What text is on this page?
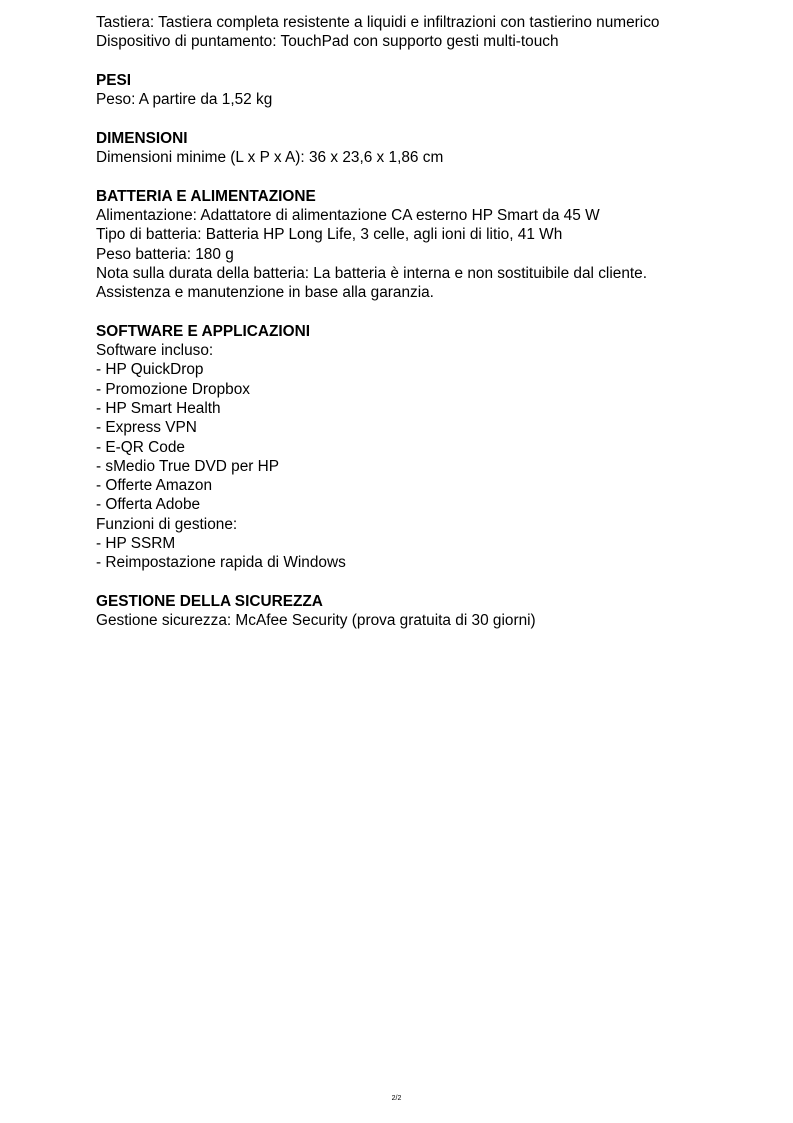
Tastiera: Tastiera completa resistente a liquidi e infiltrazioni con tastierino numerico

Dispositivo di puntamento: TouchPad con supporto gesti multi-touch

PESI

Peso: A partire da 1,52 kg

DIMENSIONI

Dimensioni minime (L x P x A): 36 x 23,6 x 1,86 cm

BATTERIA E ALIMENTAZIONE

Alimentazione: Adattatore di alimentazione CA esterno HP Smart da 45 W

Tipo di batteria: Batteria HP Long Life, 3 celle, agli ioni di litio, 41 Wh

Peso batteria: 180 g

Nota sulla durata della batteria: La batteria è interna e non sostituibile dal cliente.

Assistenza e manutenzione in base alla garanzia.

SOFTWARE E APPLICAZIONI

Software incluso:

- HP QuickDrop

- Promozione Dropbox

- HP Smart Health

- Express VPN

- E-QR Code

- sMedio True DVD per HP

- Offerte Amazon

- Offerta Adobe

Funzioni di gestione:

- HP SSRM

- Reimpostazione rapida di Windows

GESTIONE DELLA SICUREZZA

Gestione sicurezza: McAfee Security (prova gratuita di 30 giorni)

2/2
